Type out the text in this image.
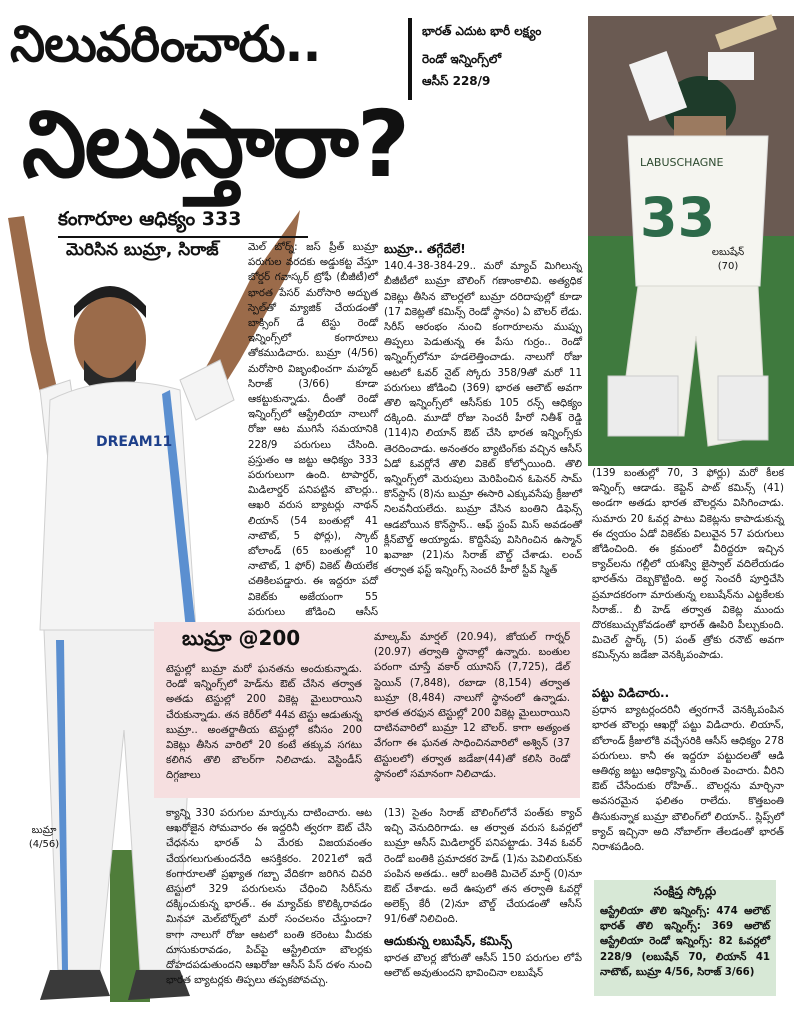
నిలువరించారు..
నిలుస్తారా?
భారత్ ఎదుట భారీ లక్ష్యం
రెండో ఇన్నింగ్స్‌లో
ఆసీస్ 228/9
DREAM11
కంగారూల ఆధిక్యం 333
మెరిసిన బుమ్రా, సిరాజ్
LABUSCHAGNE
33
లబుషేన్
(70)
బుమ్రా
(4/56)

మెల్ బోర్న్: జస్ ప్రీత్ బుమ్రా పరుగుల వరదకు అడ్డుకట్ట వేస్తూ బోర్డర్ గవాస్కర్ ట్రోఫీ (బీజీటీ)లో భారత పేసర్ మరోసారి అద్భుత స్పెల్‌తో మ్యాజిక్ చేయడంతో బాక్సింగ్ డే టెస్టు రెండో ఇన్నింగ్స్‌లో కంగారూలు తోకముడిచారు. బుమ్రా (4/56) మరోసారి విజృంభించగా మహ్మద్ సిరాజ్ (3/66) కూడా ఆకట్టుకున్నాడు. దీంతో రెండో ఇన్నింగ్స్‌లో ఆస్ట్రేలియా నాలుగో రోజు ఆట ముగిసే సమయానికి 228/9 పరుగులు చేసింది. ప్రస్తుతం ఆ జట్టు ఆధిక్యం 333 పరుగులుగా ఉంది. టాపార్డర్, మిడిలార్డర్ పనిపట్టిన బౌలర్లు.. ఆఖరి వరుస బ్యాటర్లు నాథన్ లియాన్ (54 బంతుల్లో 41 నాటౌట్, 5 ఫోర్లు), స్కాట్ బోలాండ్ (65 బంతుల్లో 10 నాటౌట్, 1 ఫోర్) వికెట్ తీయలేక చతికిలపడ్డారు. ఈ ఇద్దరూ పదో వికెట్‌కు అజేయంగా 55 పరుగులు జోడించి ఆసీస్

బుమ్రా.. తగ్గేదేలే!

140.4-38-384-29.. మరో మ్యాచ్ మిగిలున్న బీజీటీలో బుమ్రా బౌలింగ్ గణాంకాలివి. అత్యధిక వికెట్లు తీసిన బౌలర్లలో బుమ్రా దరిదాపుల్లో కూడా (17 వికెట్లతో కమిన్స్ రెండో స్థానం) ఏ బౌలర్ లేడు. సిరీస్ ఆరంభం నుంచి కంగారూలను ముప్పు తిప్పలు పెడుతున్న ఈ పేసు గుర్రం.. రెండో ఇన్నింగ్స్‌లోనూ హడలెత్తించాడు. నాలుగో రోజు ఆటలో ఓవర్ నైట్ స్కోరు 358/9తో మరో 11 పరుగులు జోడించి (369) భారత ఆలౌట్ అవగా తొలి ఇన్నింగ్స్‌లో ఆసీస్‌కు 105 రన్స్ ఆధిక్యం దక్కింది. మూడో రోజు సెంచరీ హీరో నితీశ్ రెడ్డి (114)ని లియాన్ ఔట్ చేసి భారత ఇన్నింగ్స్‌కు తెరదించాడు. అనంతరం బ్యాటింగ్‌కు వచ్చిన ఆసీస్ ఏడో ఓవర్లోనే తొలి వికెట్ కోల్పోయింది. తొలి ఇన్నింగ్స్‌లో మెరుపులు మెరిపించిన ఓపెనర్ సామ్ కొన్‌స్టాస్ (8)ను బుమ్రా ఈసారి ఎక్కువసేపు క్రీజులో నిలవనీయలేదు. బుమ్రా వేసిన బంతిని డిఫెన్స్ ఆడబోయిన కొన్‌స్టాస్.. ఆఫ్ స్టంప్ మిస్ అవడంతో క్లీన్‌బౌల్డ్ అయ్యాడు. కొద్దిసేపు విసిగించిన ఉస్మాన్ ఖవాజా (21)ను సిరాజ్ బౌల్డ్ చేశాడు. లంచ్ తర్వాత ఫస్ట్ ఇన్నింగ్స్ సెంచరీ హీరో స్టీవ్ స్మిత్

(139 బంతుల్లో 70, 3 ఫోర్లు) మరో కీలక ఇన్నింగ్స్ ఆడాడు. కెప్టెన్ పాట్ కమిన్స్ (41) అండగా అతడు భారత బౌలర్లను విసిగించాడు. సుమారు 20 ఓవర్ల పాటు వికెట్లను కాపాడుకున్న ఈ ద్వయం ఏడో వికెట్‌కు విలువైన 57 పరుగులు జోడించింది. ఈ క్రమంలో వీరిద్దరూ ఇచ్చిన క్యాచ్‌లను గల్లీలో యశస్వి జైస్వాల్ వదిలేయడం భారత్‌ను దెబ్బకొట్టింది. అర్ధ సెంచరీ పూర్తిచేసి ప్రమాదకరంగా మారుతున్న లబుషేన్‌ను ఎట్టకేలకు సిరాజ్.. బీ హెడ్ తర్వాత వికెట్ల ముందు దొరకబుచ్చుకోవడంతో భారత్ ఊపిరి పీల్చుకుంది. మిచెల్ స్టార్క్ (5) పంత్ త్రోకు రనౌట్ అవగా కమిన్స్‌ను జడేజా వెనక్కిపంపాడు.

పట్టు విడిచారు..

ప్రధాన బ్యాటర్లందరినీ త్వరగానే వెనక్కిపంపిన భారత బౌలర్లు ఆఖర్లో పట్టు విడిచారు. లియాన్, బోలాండ్ క్రీజులోకి వచ్చేసరికి ఆసీస్ ఆధిక్యం 278 పరుగులు. కానీ ఈ ఇద్దరూ పట్టుదలతో ఆడి ఆతిథ్య జట్టు ఆధిక్యాన్ని మరింత పెంచారు. వీరిని ఔట్ చేసేందుకు రోహిత్.. బౌలర్లను మార్చినా అవసరమైన ఫలితం రాలేదు. కొత్తబంతి తీసుకున్నాక బుమ్రా బౌలింగ్‌లో లియాన్.. స్లిప్స్‌లో క్యాచ్ ఇచ్చినా అది నోబాల్‌గా తేలడంతో భారత్ నిరాశపడింది.

బుమ్రా @200

టెస్టుల్లో బుమ్రా మరో ఘనతను అందుకున్నాడు. రెండో ఇన్నింగ్స్‌లో హెడ్‌ను ఔట్ చేసిన తర్వాత అతడు టెస్టుల్లో 200 వికెట్ల మైలురాయిని చేరుకున్నాడు. తన కెరీర్‌లో 44వ టెస్టు ఆడుతున్న బుమ్రా.. అంతర్జాతీయ టెస్టుల్లో కనీసం 200 వికెట్లు తీసిన వారిలో 20 కంటే తక్కువ సగటు కలిగిన తొలి బౌలర్‌గా నిలిచాడు. వెస్టిండీస్ దిగ్గజాలు

మాల్కమ్ మార్షల్ (20.94), జోయల్ గార్నర్ (20.97) తర్వాతి స్థానాల్లో ఉన్నారు. బంతుల పరంగా చూస్తే వకార్ యూనిస్ (7,725), డేల్ స్టెయిన్ (7,848), రబాడా (8,154) తర్వాత బుమ్రా (8,484) నాలుగో స్థానంలో ఉన్నాడు. భారత తరఫున టెస్టుల్లో 200 వికెట్ల మైలురాయిని దాటినవారిలో బుమ్రా 12 బౌలర్. కాగా అత్యంత వేగంగా ఈ ఘనత సాధించినవారిలో అశ్విన్ (37 టెస్టులలో) తర్వాత జడేజా(44)తో కలిసి రెండో స్థానంలో సమానంగా నిలిచాడు.

క్యాన్ని 330 పరుగుల మార్కును దాటించారు. ఆట ఆఖరోజైన సోమవారం ఈ ఇద్దరినీ త్వరగా ఔట్ చేసి చేధనను భారత్ ఏ మేరకు విజయవంతం చేయగలుగుతుందనేది ఆసక్తికరం. 2021లో ఇదే కంగారూలతో ప్రఖ్యాత గబ్బా వేదికగా జరిగిన చివరి టెస్టులో 329 పరుగులను చేధించి సిరీస్‌ను దక్కించుకున్న భారత్.. ఈ మ్యాచ్‌కు కొలిక్కిరావడం మినహా మెల్‌బోర్న్‌లో మరో సంచలనం చేస్తుందా? కాగా నాలుగో రోజు ఆటలో బంతి కరెంటు మీదకు దూసుకురావడం, పిచ్‌పై ఆస్ట్రేలియా బౌలర్లకు దోహదపడుతుందని ఆఖరోజు ఆసీస్ పేస్ దళం నుంచి భారత బ్యాటర్లకు తిప్పలు తప్పకపోవచ్చు.

(13) సైతం సిరాజ్ బౌలింగ్‌లోనే పంత్‌కు క్యాచ్ ఇచ్చి వెనుదిరిగాడు. ఆ తర్వాత వరుస ఓవర్లలో బుమ్రా ఆసీస్ మిడిలార్డర్ పనిపట్టాడు. 34వ ఓవర్ రెండో బంతికి ప్రమాదకర హెడ్ (1)ను పెవిలియన్‌కు పంపిన అతడు.. ఆరో బంతికి మిచెల్ మార్ష్ (0)నూ ఔట్ చేశాడు. అదే ఊపులో తన తర్వాతి ఓవర్లో అలెక్స్ కేరీ (2)నూ బౌల్డ్ చేయడంతో ఆసీస్ 91/6తో నిలిచింది.

ఆదుకున్న లబుషేన్, కమిన్స్

భారత బౌలర్ల జోరుతో ఆసీస్ 150 పరుగుల లోపే ఆలౌట్ అవుతుందని భావించినా లబుషేన్

సంక్షిప్త స్కోర్లు

ఆస్ట్రేలియా తొలి ఇన్నింగ్స్: 474 ఆలౌట్ భారత్ తొలి ఇన్నింగ్స్: 369 ఆలౌట్ ఆస్ట్రేలియా రెండో ఇన్నింగ్స్: 82 ఓవర్లలో 228/9 (లబుషేన్ 70, లియాన్ 41 నాటౌట్, బుమ్రా 4/56, సిరాజ్ 3/66)
